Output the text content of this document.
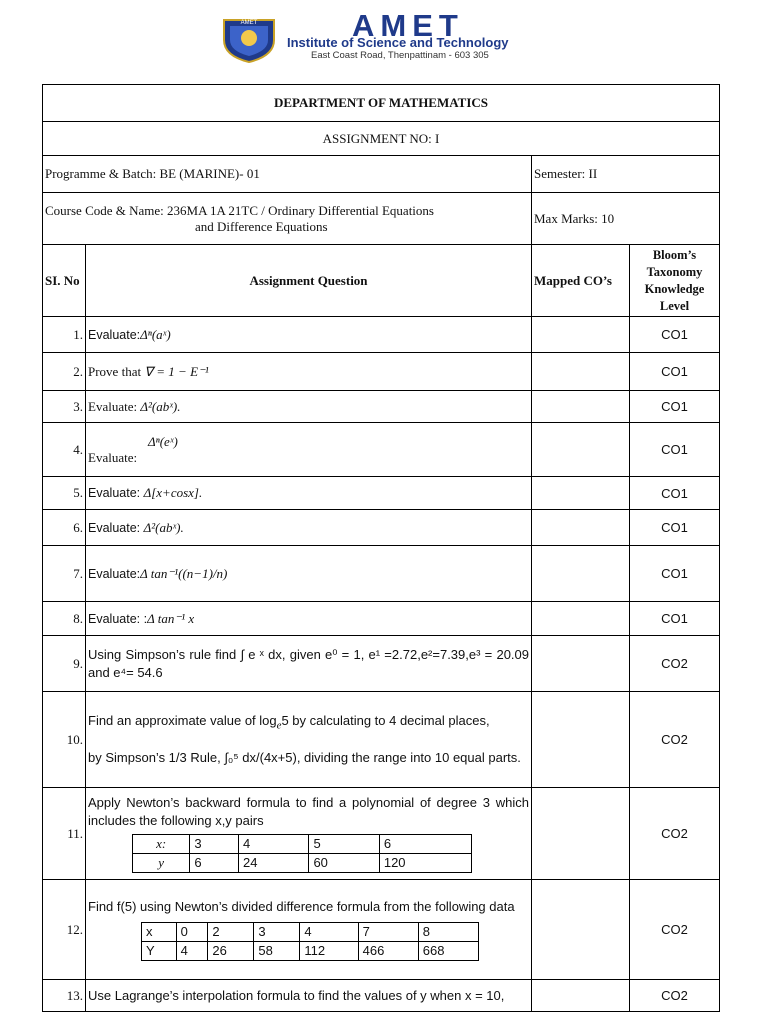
AMET	AMET
Institute of Science and Technology
East Coast Road, Thenpattinam - 603 305
DEPARTMENT OF MATHEMATICS
ASSIGNMENT NO: I
Programme & Batch: BE (MARINE)- 01	Semester: II

Course Code & Name: 236MA 1A 21TC / Ordinary Differential Equations
and Difference Equations
	Max Marks: 10
SI. No	Assignment Question	Mapped CO’s	Bloom’s Taxonomy Knowledge Level
1.	Evaluate:Δⁿ(aˣ)		CO1
2.	Prove that ∇ = 1 − E⁻¹		CO1
3.	Evaluate: Δ²(abˣ).		CO1
4.	
Δⁿ(eˣ)
Evaluate:		CO1
5.	Evaluate: Δ[x+cosx].		CO1
6.	Evaluate: Δ²(abˣ).		CO1
7.	Evaluate:Δ tan⁻¹((n−1)/n)		CO1
8.	Evaluate: :Δ tan⁻¹ x		CO1
9.	Using Simpson’s rule find ∫ e ˣ dx, given e⁰ = 1, e¹ =2.72,e²=7.39,e³ = 20.09 and e⁴= 54.6		CO2
10.	
Find an approximate value of $\log_e5$ by calculating to 4 decimal places,
by Simpson’s 1/3 Rule, ∫₀⁵ dx/(4x+5), dividing the range into 10 equal parts.
		CO2
11.	
Apply Newton’s backward formula to find a polynomial of degree 3 which includes the following x,y pairs
x:	3	4	5	6
y	6	24	60	120
		CO2
12.	
Find f(5) using Newton’s divided difference formula from the following data
x	0	2	3	4	7	8
Y	4	26	58	112	466	668
		CO2
13.	Use Lagrange’s interpolation formula to find the values of y when x = 10,		CO2
